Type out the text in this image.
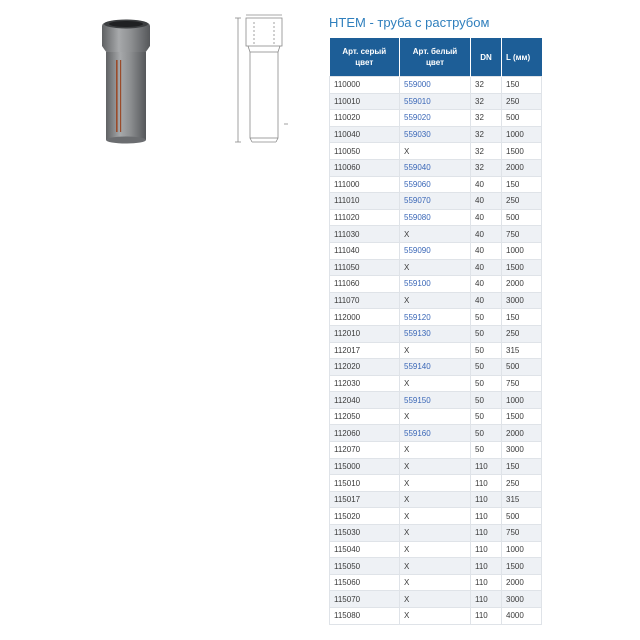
HTEM - труба с раструбом
Арт. серый цвет	Арт. белый цвет	DN	L (мм)
110000	559000	32	150
110010	559010	32	250
110020	559020	32	500
110040	559030	32	1000
110050	X	32	1500
110060	559040	32	2000
111000	559060	40	150
111010	559070	40	250
111020	559080	40	500
111030	X	40	750
111040	559090	40	1000
111050	X	40	1500
111060	559100	40	2000
111070	X	40	3000
112000	559120	50	150
112010	559130	50	250
112017	X	50	315
112020	559140	50	500
112030	X	50	750
112040	559150	50	1000
112050	X	50	1500
112060	559160	50	2000
112070	X	50	3000
115000	X	110	150
115010	X	110	250
115017	X	110	315
115020	X	110	500
115030	X	110	750
115040	X	110	1000
115050	X	110	1500
115060	X	110	2000
115070	X	110	3000
115080	X	110	4000
